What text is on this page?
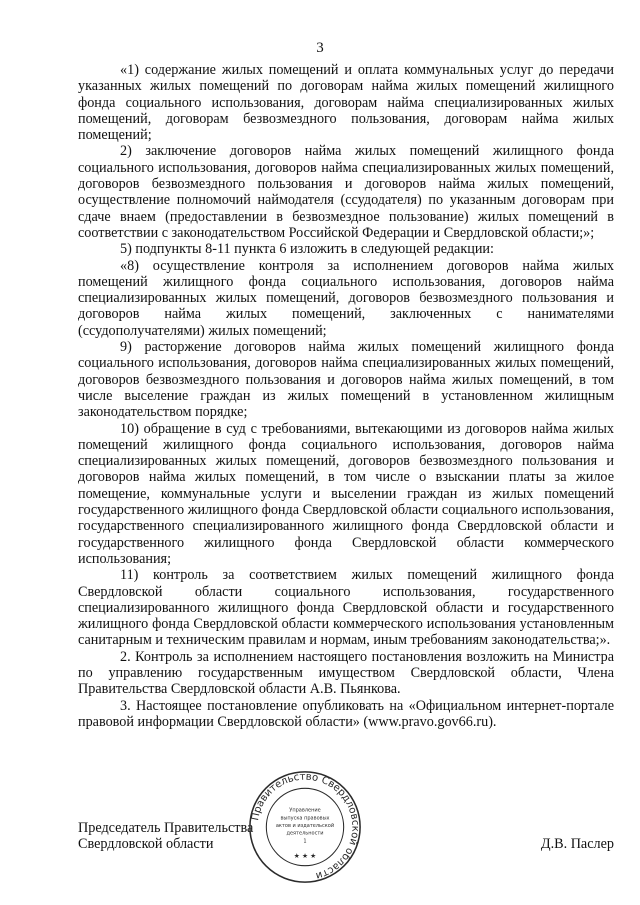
3

«1) содержание жилых помещений и оплата коммунальных услуг до передачи указанных жилых помещений по договорам найма жилых помещений жилищного фонда социального использования, договорам найма специализированных жилых помещений, договорам безвозмездного пользования, договорам найма жилых помещений;

2) заключение договоров найма жилых помещений жилищного фонда социального использования, договоров найма специализированных жилых помещений, договоров безвозмездного пользования и договоров найма жилых помещений, осуществление полномочий наймодателя (ссудодателя) по указанным договорам при сдаче внаем (предоставлении в безвозмездное пользование) жилых помещений в соответствии с законодательством Российской Федерации и Свердловской области;»;

5) подпункты 8-11 пункта 6 изложить в следующей редакции:

«8) осуществление контроля за исполнением договоров найма жилых помещений жилищного фонда социального использования, договоров найма специализированных жилых помещений, договоров безвозмездного пользования и договоров найма жилых помещений, заключенных с нанимателями (ссудополучателями) жилых помещений;

9) расторжение договоров найма жилых помещений жилищного фонда социального использования, договоров найма специализированных жилых помещений, договоров безвозмездного пользования и договоров найма жилых помещений, в том числе выселение граждан из жилых помещений в установленном жилищным законодательством порядке;

10) обращение в суд с требованиями, вытекающими из договоров найма жилых помещений жилищного фонда социального использования, договоров найма специализированных жилых помещений, договоров безвозмездного пользования и договоров найма жилых помещений, в том числе о взыскании платы за жилое помещение, коммунальные услуги и выселении граждан из жилых помещений государственного жилищного фонда Свердловской области социального использования, государственного специализированного жилищного фонда Свердловской области и государственного жилищного фонда Свердловской области коммерческого использования;

11) контроль за соответствием жилых помещений жилищного фонда Свердловской области социального использования, государственного специализированного жилищного фонда Свердловской области и государственного жилищного фонда Свердловской области коммерческого использования установленным санитарным и техническим правилам и нормам, иным требованиям законодательства;».

2. Контроль за исполнением настоящего постановления возложить на Министра по управлению государственным имуществом Свердловской области, Члена Правительства Свердловской области А.В. Пьянкова.

3. Настоящее постановление опубликовать на «Официальном интернет-портале правовой информации Свердловской области» (www.pravo.gov66.ru).

Председатель Правительства
Свердловской области	Д.В. Паслер
Правительство Свердловской области
Управление
выпуска правовых
актов и издательской
деятельности
1
★ ★ ★
